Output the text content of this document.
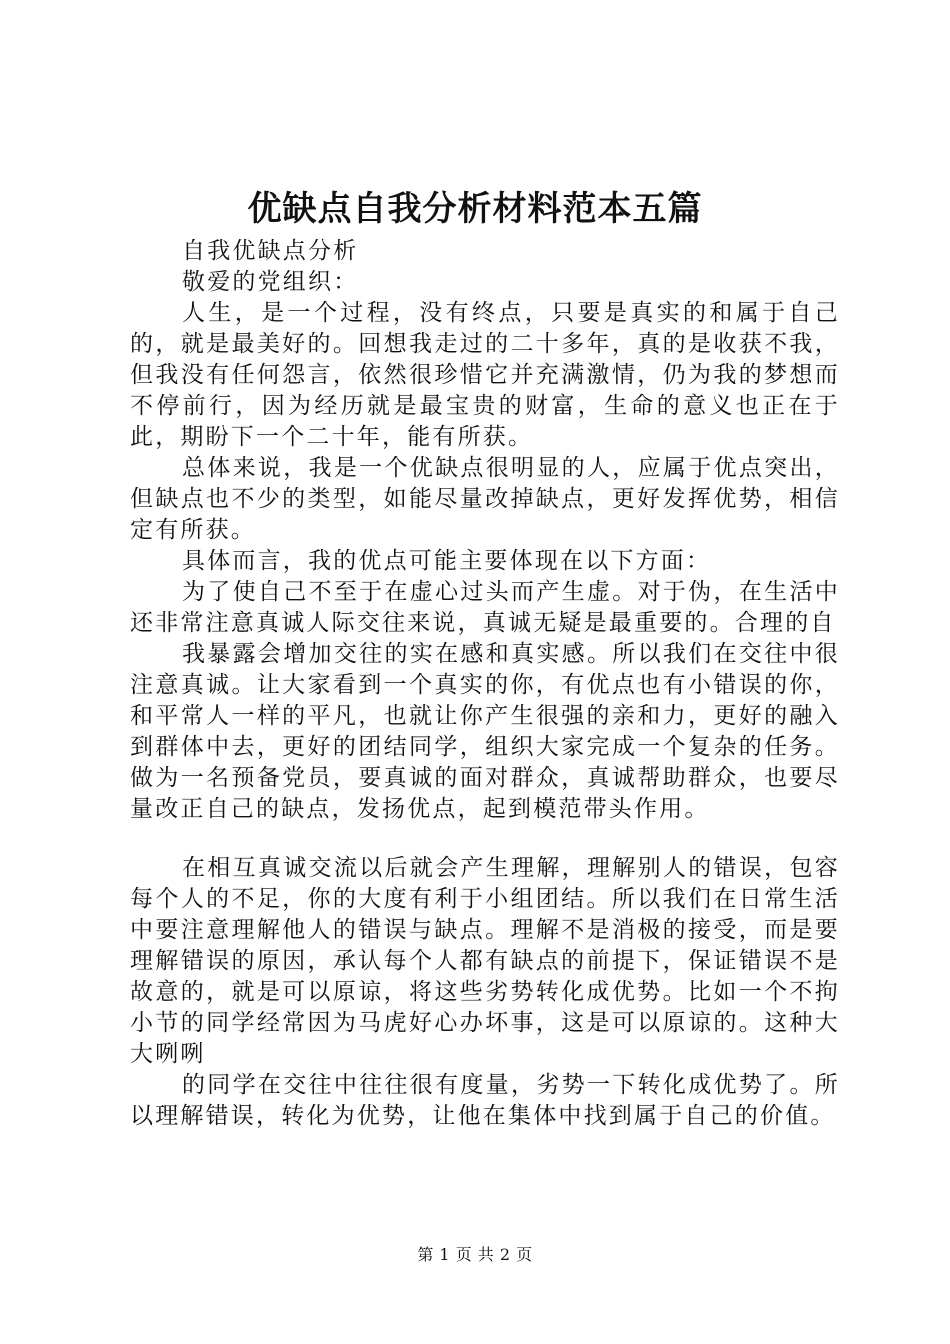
优缺点自我分析材料范本五篇

自我优缺点分析

敬爱的党组织：

人生，是一个过程，没有终点，只要是真实的和属于自己的，就是最美好的。回想我走过的二十多年，真的是收获不我，但我没有任何怨言，依然很珍惜它并充满激情，仍为我的梦想而不停前行，因为经历就是最宝贵的财富，生命的意义也正在于此，期盼下一个二十年，能有所获。

总体来说，我是一个优缺点很明显的人，应属于优点突出，但缺点也不少的类型，如能尽量改掉缺点，更好发挥优势，相信定有所获。

具体而言，我的优点可能主要体现在以下方面：

为了使自己不至于在虚心过头而产生虚。对于伪，在生活中还非常注意真诚人际交往来说，真诚无疑是最重要的。合理的自

我暴露会增加交往的实在感和真实感。所以我们在交往中很注意真诚。让大家看到一个真实的你，有优点也有小错误的你，和平常人一样的平凡，也就让你产生很强的亲和力，更好的融入到群体中去，更好的团结同学，组织大家完成一个复杂的任务。做为一名预备党员，要真诚的面对群众，真诚帮助群众，也要尽量改正自己的缺点，发扬优点，起到模范带头作用。

在相互真诚交流以后就会产生理解，理解别人的错误，包容每个人的不足，你的大度有利于小组团结。所以我们在日常生活中要注意理解他人的错误与缺点。理解不是消极的接受，而是要理解错误的原因，承认每个人都有缺点的前提下，保证错误不是故意的，就是可以原谅，将这些劣势转化成优势。比如一个不拘小节的同学经常因为马虎好心办坏事，这是可以原谅的。这种大大咧咧

的同学在交往中往往很有度量，劣势一下转化成优势了。所以理解错误，转化为优势，让他在集体中找到属于自己的价值。

第 1 页 共 2 页
